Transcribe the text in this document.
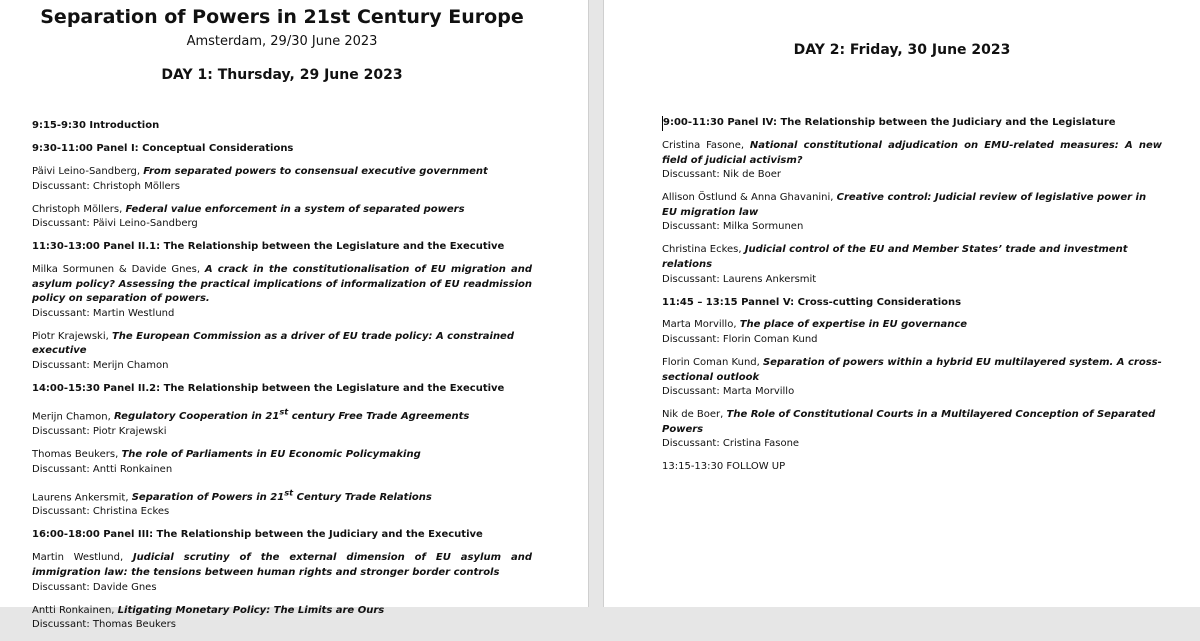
Separation of Powers in 21st Century Europe
Amsterdam, 29/30 June 2023
DAY 1: Thursday, 29 June 2023
9:15-9:30 Introduction
9:30-11:00 Panel I: Conceptual Considerations
Päivi Leino-Sandberg, From separated powers to consensual executive government
Discussant: Christoph Möllers
Christoph Möllers, Federal value enforcement in a system of separated powers
Discussant: Päivi Leino-Sandberg
11:30-13:00 Panel II.1: The Relationship between the Legislature and the Executive
Milka Sormunen & Davide Gnes, A crack in the constitutionalisation of EU migration and asylum policy? Assessing the practical implications of informalization of EU readmission policy on separation of powers.
Discussant: Martin Westlund
Piotr Krajewski, The European Commission as a driver of EU trade policy: A constrained executive
Discussant: Merijn Chamon
14:00-15:30 Panel II.2: The Relationship between the Legislature and the Executive
Merijn Chamon, Regulatory Cooperation in 21st century Free Trade Agreements
Discussant: Piotr Krajewski
Thomas Beukers, The role of Parliaments in EU Economic Policymaking
Discussant: Antti Ronkainen
Laurens Ankersmit, Separation of Powers in 21st Century Trade Relations
Discussant: Christina Eckes
16:00-18:00 Panel III: The Relationship between the Judiciary and the Executive
Martin Westlund, Judicial scrutiny of the external dimension of EU asylum and immigration law: the tensions between human rights and stronger border controls
Discussant: Davide Gnes
Antti Ronkainen, Litigating Monetary Policy: The Limits are Ours
Discussant: Thomas Beukers
DAY 2: Friday, 30 June 2023
9:00-11:30 Panel IV: The Relationship between the Judiciary and the Legislature
Cristina Fasone, National constitutional adjudication on EMU-related measures: A new field of judicial activism?
Discussant: Nik de Boer
Allison Östlund & Anna Ghavanini, Creative control: Judicial review of legislative power in EU migration law
Discussant: Milka Sormunen
Christina Eckes, Judicial control of the EU and Member States’ trade and investment relations
Discussant: Laurens Ankersmit
11:45 – 13:15 Pannel V: Cross-cutting Considerations
Marta Morvillo, The place of expertise in EU governance
Discussant: Florin Coman Kund
Florin Coman Kund, Separation of powers within a hybrid EU multilayered system. A cross-sectional outlook
Discussant: Marta Morvillo
Nik de Boer, The Role of Constitutional Courts in a Multilayered Conception of Separated Powers
Discussant: Cristina Fasone
13:15-13:30 FOLLOW UP
